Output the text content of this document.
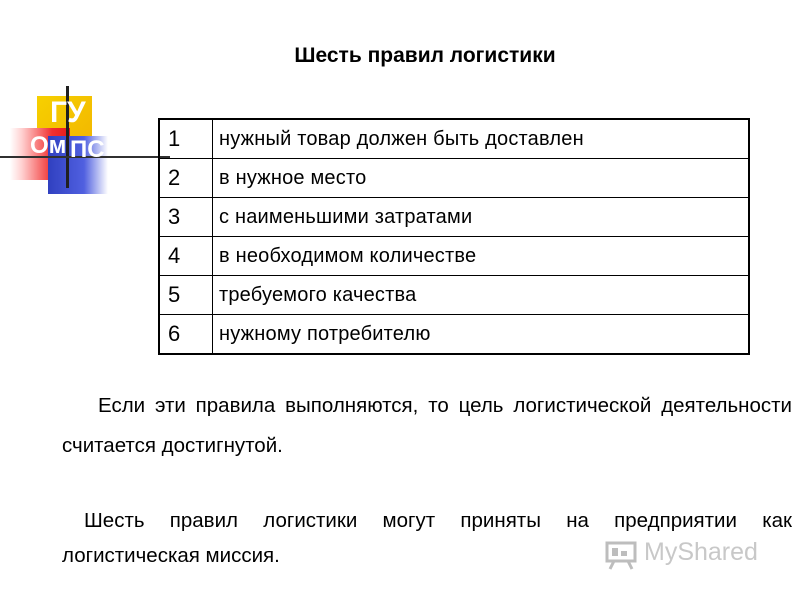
Шесть правил логистики
ГУ
Ом ПС	1	нужный товар должен быть доставлен
2	в нужное место
3	с наименьшими затратами
4	в необходимом количестве
5	требуемого качества
6	нужному потребителю
Если эти правила выполняются, то цель логистической деятельности считается достигнутой.
Шесть правил логистики могут приняты на предприятии как логистическая миссия.	MyShared
